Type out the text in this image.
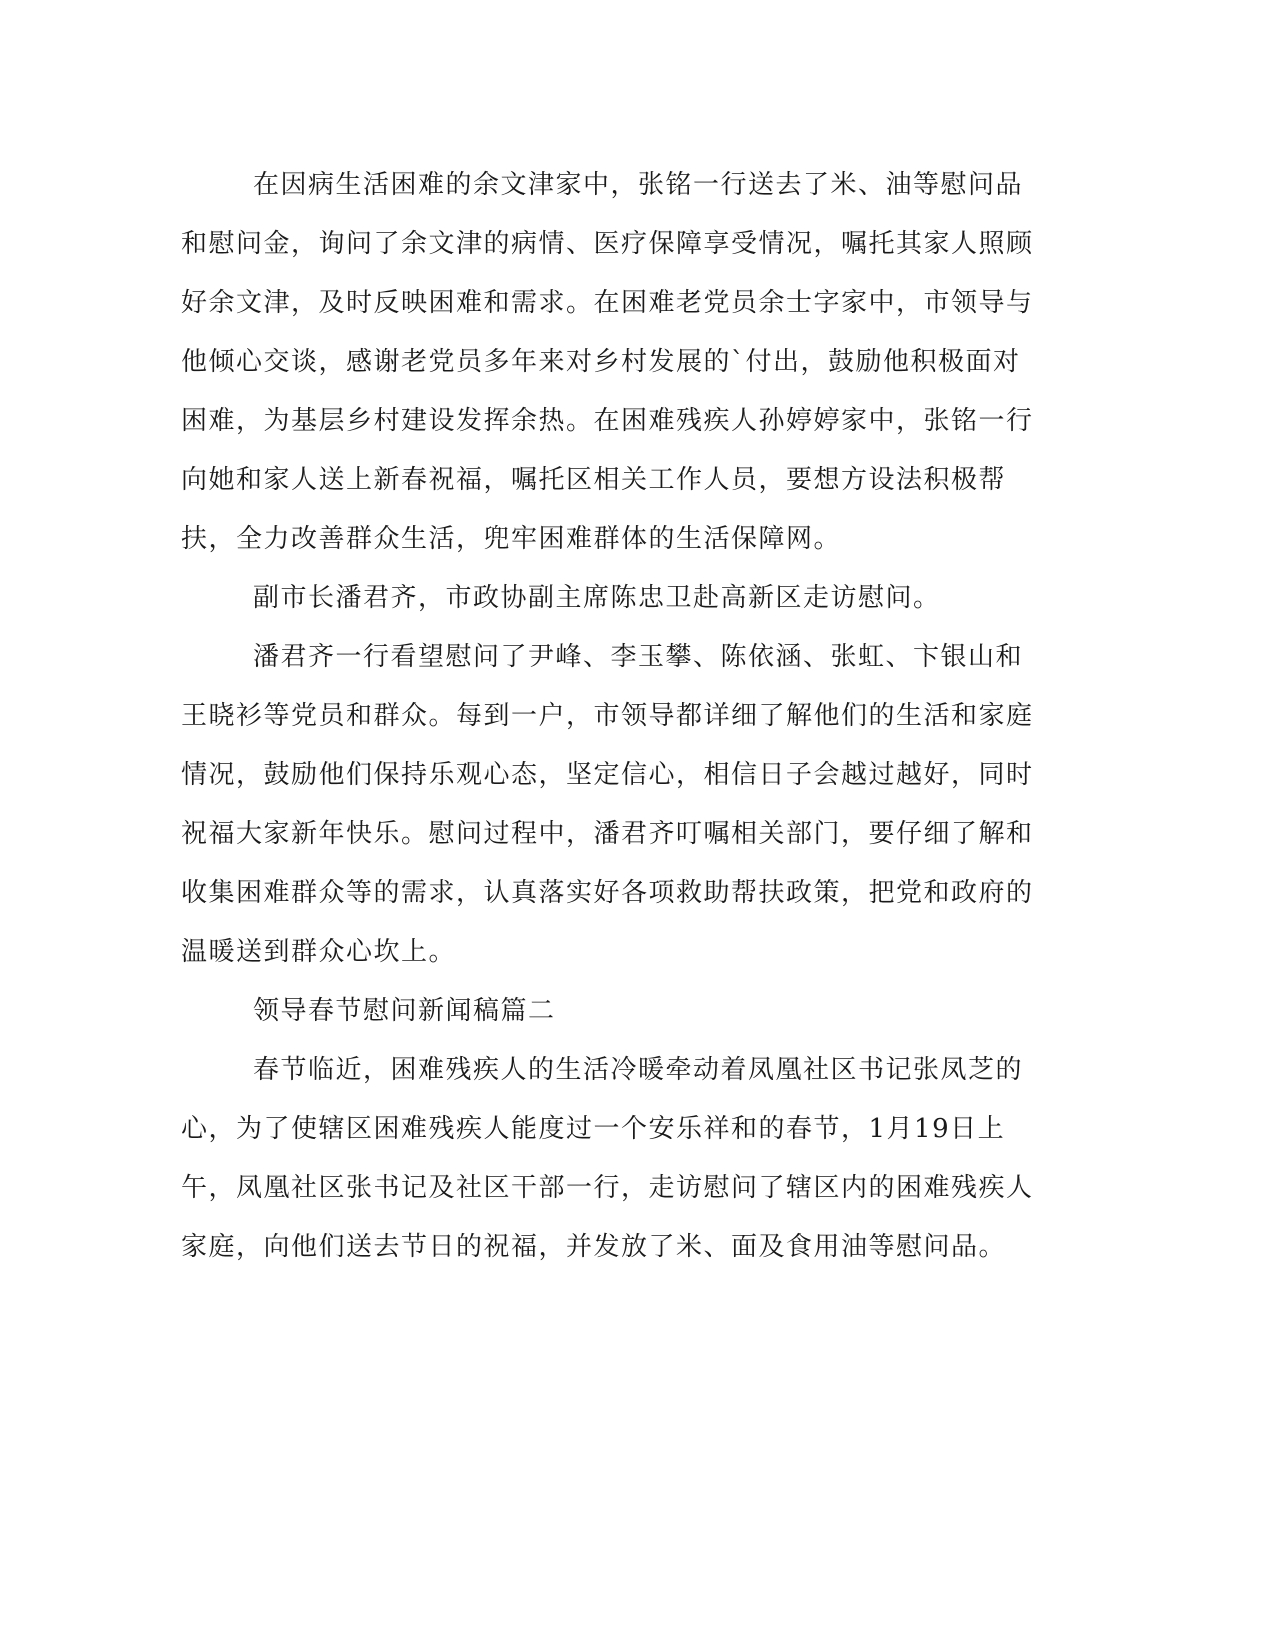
在因病生活困难的余文津家中，张铭一行送去了米、油等慰问品和慰问金，询问了余文津的病情、医疗保障享受情况，嘱托其家人照顾好余文津，及时反映困难和需求。在困难老党员余士字家中，市领导与他倾心交谈，感谢老党员多年来对乡村发展的`付出，鼓励他积极面对困难，为基层乡村建设发挥余热。在困难残疾人孙婷婷家中，张铭一行向她和家人送上新春祝福，嘱托区相关工作人员，要想方设法积极帮扶，全力改善群众生活，兜牢困难群体的生活保障网。

副市长潘君齐，市政协副主席陈忠卫赴高新区走访慰问。

潘君齐一行看望慰问了尹峰、李玉攀、陈依涵、张虹、卞银山和王晓衫等党员和群众。每到一户，市领导都详细了解他们的生活和家庭情况，鼓励他们保持乐观心态，坚定信心，相信日子会越过越好，同时祝福大家新年快乐。慰问过程中，潘君齐叮嘱相关部门，要仔细了解和收集困难群众等的需求，认真落实好各项救助帮扶政策，把党和政府的温暖送到群众心坎上。

领导春节慰问新闻稿篇二

春节临近，困难残疾人的生活冷暖牵动着凤凰社区书记张凤芝的心，为了使辖区困难残疾人能度过一个安乐祥和的春节，1月19日上午，凤凰社区张书记及社区干部一行，走访慰问了辖区内的困难残疾人家庭，向他们送去节日的祝福，并发放了米、面及食用油等慰问品。
